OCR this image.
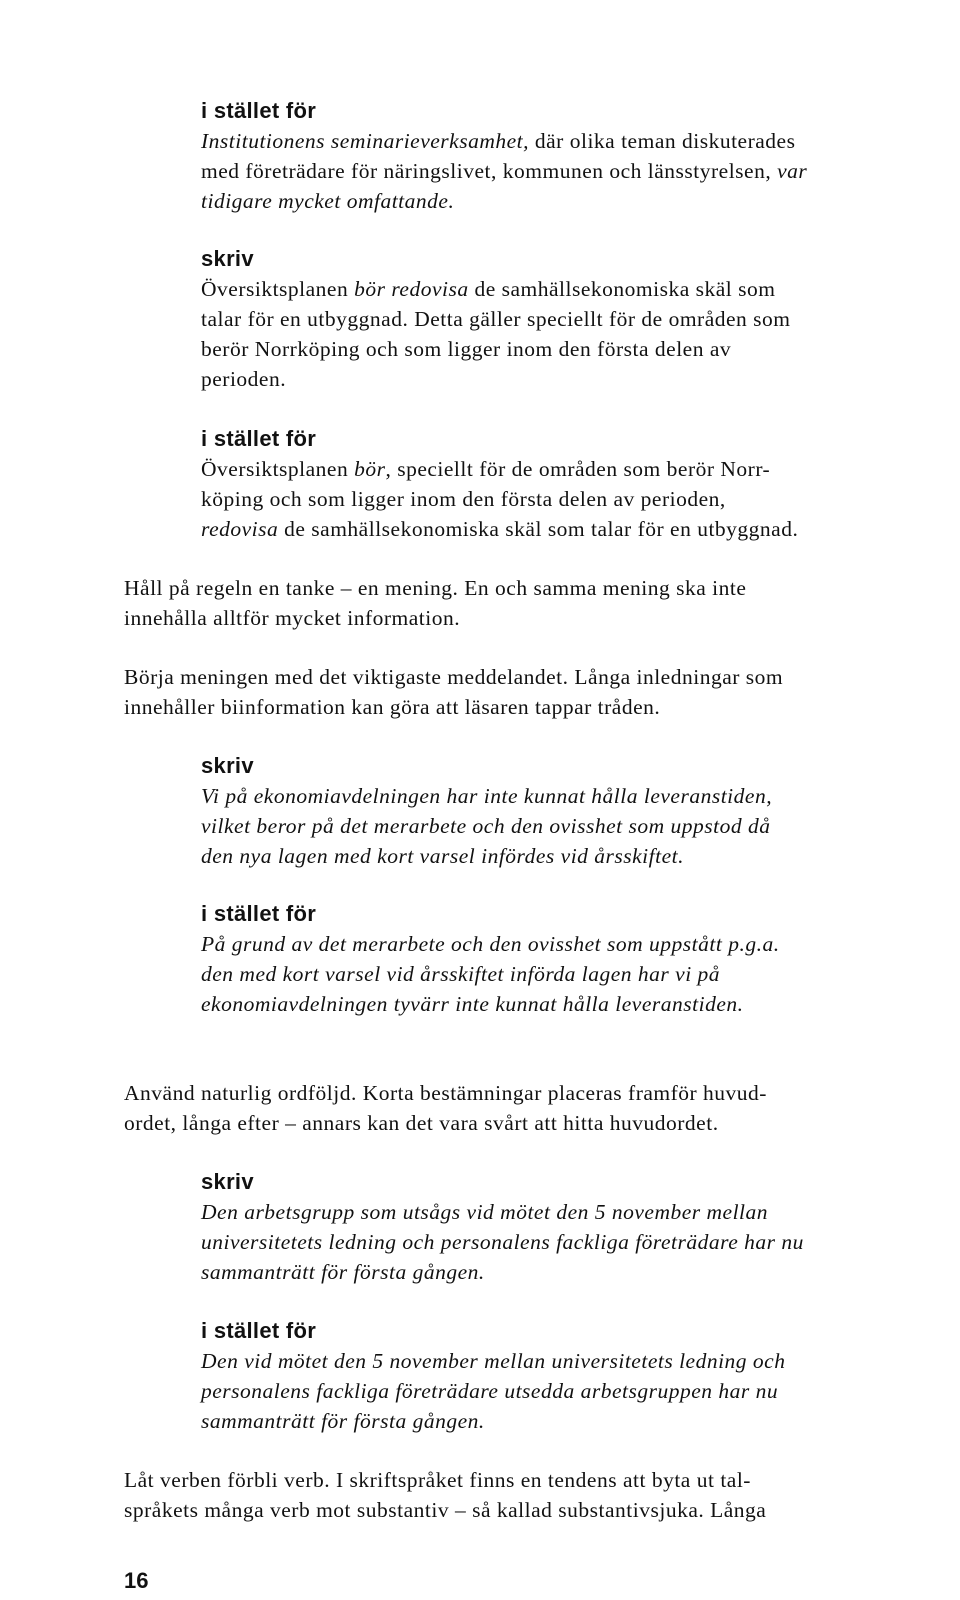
i stället för
Institutionens seminarieverksamhet, där olika teman diskuterades
med företrädare för näringslivet, kommunen och länsstyrelsen, var
tidigare mycket omfattande.
skriv
Översiktsplanen bör redovisa de samhällsekonomiska skäl som
talar för en utbyggnad. Detta gäller speciellt för de områden som
berör Norrköping och som ligger inom den första delen av
perioden.
i stället för
Översiktsplanen bör, speciellt för de områden som berör Norr-
köping och som ligger inom den första delen av perioden,
redovisa de samhällsekonomiska skäl som talar för en utbyggnad.
Håll på regeln en tanke – en mening. En och samma mening ska inte
innehålla alltför mycket information.
Börja meningen med det viktigaste meddelandet. Långa inledningar som
innehåller biinformation kan göra att läsaren tappar tråden.
skriv
Vi på ekonomiavdelningen har inte kunnat hålla leveranstiden,
vilket beror på det merarbete och den ovisshet som uppstod då
den nya lagen med kort varsel infördes vid årsskiftet.
i stället för
På grund av det merarbete och den ovisshet som uppstått p.g.a.
den med kort varsel vid årsskiftet införda lagen har vi på
ekonomiavdelningen tyvärr inte kunnat hålla leveranstiden.
Använd naturlig ordföljd. Korta bestämningar placeras framför huvud-
ordet, långa efter – annars kan det vara svårt att hitta huvudordet.
skriv
Den arbetsgrupp som utsågs vid mötet den 5 november mellan
universitetets ledning och personalens fackliga företrädare har nu
sammanträtt för första gången.
i stället för
Den vid mötet den 5 november mellan universitetets ledning och
personalens fackliga företrädare utsedda arbetsgruppen har nu
sammanträtt för första gången.
Låt verben förbli verb. I skriftspråket finns en tendens att byta ut tal-
språkets många verb mot substantiv – så kallad substantivsjuka. Långa
16
